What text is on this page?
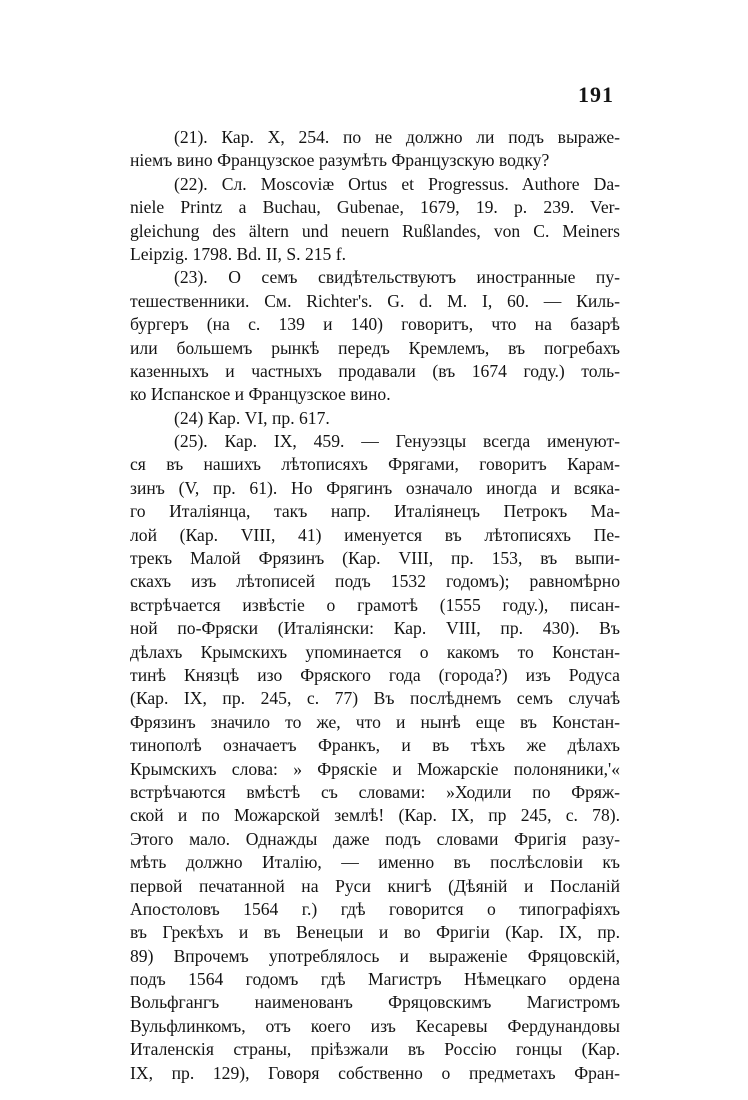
191
(21). Кар. X, 254. по не должно ли подъ выраже-
ніемъ вино Французское разумѣть Французскую водку?
(22). Сл. Moscoviæ Ortus et Progressus. Authore Da-
niele Printz a Buchau, Gubenae, 1679, 19. p. 239. Ver-
gleichung des ältern und neuern Rußlandes, von C. Meiners
Leipzig. 1798. Bd. II, S. 215 f.
(23). О семъ свидѣтельствуютъ иностранные пу-
тешественники. См. Richter's. G. d. M. I, 60. — Киль-
бургеръ (на с. 139 и 140) говоритъ, что на базарѣ
или большемъ рынкѣ передъ Кремлемъ, въ погребахъ
казенныхъ и частныхъ продавали (въ 1674 году.) толь-
ко Испанское и Французское вино.
(24) Кар. VI, пр. 617.
(25). Кар. IX, 459. — Генуэзцы всегда именуют-
ся въ нашихъ лѣтописяхъ Фрягами, говоритъ Карам-
зинъ (V, пр. 61). Но Фрягинъ означало иногда и всяка-
го Италіянца, такъ напр. Италіянецъ Петрокъ Ма-
лой (Кар. VIII, 41) именуется въ лѣтописяхъ Пе-
трекъ Малой Фрязинъ (Кар. VIII, пр. 153, въ выпи-
скахъ изъ лѣтописей подъ 1532 годомъ); равномѣрно
встрѣчается извѣстіе о грамотѣ (1555 году.), писан-
ной по-Фряски (Италіянски: Кар. VIII, пр. 430). Въ
дѣлахъ Крымскихъ упоминается о какомъ то Констан-
тинѣ Князцѣ изо Фряского года (города?) изъ Родуса
(Кар. IX, пр. 245, с. 77) Въ послѣднемъ семъ случаѣ
Фрязинъ значило то же, что и нынѣ еще въ Констан-
тинополѣ означаетъ Франкъ, и въ тѣхъ же дѣлахъ
Крымскихъ слова: » Фряскіе и Можарскіе полоняники,'«
встрѣчаются вмѣстѣ съ словами: »Ходили по Фряж-
ской и по Можарской землѣ! (Кар. IX, пр 245, с. 78).
Этого мало. Однажды даже подъ словами Фригія разу-
мѣть должно Италію, — именно въ послѣсловіи къ
первой печатанной на Руси книгѣ (Дѣяній и Посланій
Апостоловъ 1564 г.) гдѣ говорится о типографіяхъ
въ Грекѣхъ и въ Венецыи и во Фригіи (Кар. IX, пр.
89) Впрочемъ употреблялось и выраженіе Фряцовскій,
подъ 1564 годомъ гдѣ Магистръ Нѣмецкаго ордена
Вольфгангъ наименованъ Фряцовскимъ Магистромъ
Вульфлинкомъ, отъ коего изъ Кесаревы Фердунандовы
Италенскія страны, пріѣзжали въ Россію гонцы (Кар.
IX, пр. 129), Говоря собственно о предметахъ Фран-
